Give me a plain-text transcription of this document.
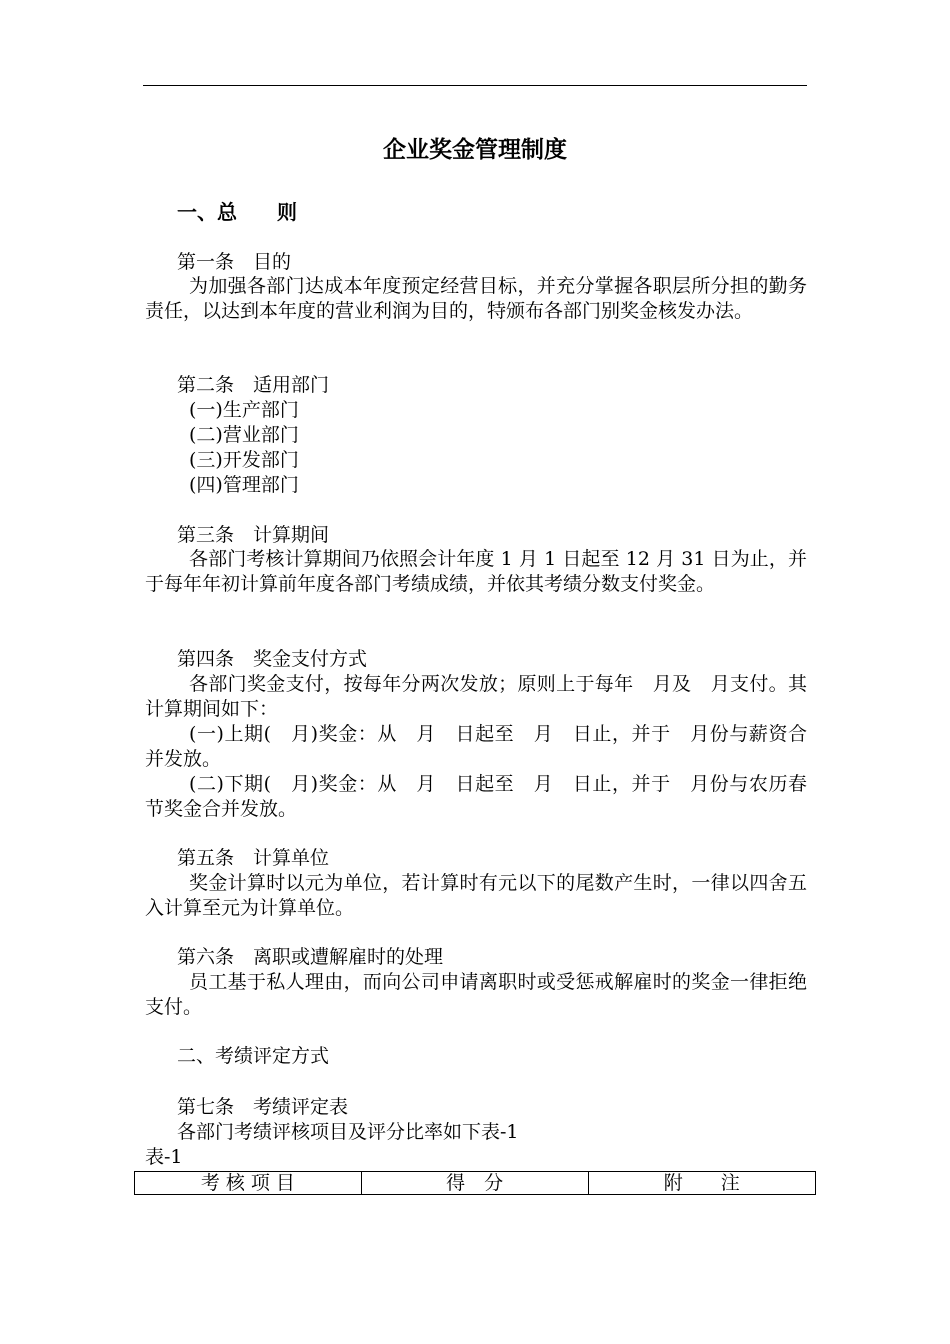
企业奖金管理制度
一、总　　则
第一条　目的
为加强各部门达成本年度预定经营目标，并充分掌握各职层所分担的勤务责任，以达到本年度的营业利润为目的，特颁布各部门别奖金核发办法。
第二条　适用部门
(一)生产部门
(二)营业部门
(三)开发部门
(四)管理部门
第三条　计算期间
各部门考核计算期间乃依照会计年度 1 月 1 日起至 12 月 31 日为止，并于每年年初计算前年度各部门考绩成绩，并依其考绩分数支付奖金。
第四条　奖金支付方式
各部门奖金支付，按每年分两次发放；原则上于每年　月及　月支付。其计算期间如下：
(一)上期(　月)奖金：从　月　日起至　月　日止，并于　月份与薪资合并发放。
(二)下期(　月)奖金：从　月　日起至　月　日止，并于　月份与农历春节奖金合并发放。
第五条　计算单位
奖金计算时以元为单位，若计算时有元以下的尾数产生时，一律以四舍五入计算至元为计算单位。
第六条　离职或遭解雇时的处理
员工基于私人理由，而向公司申请离职时或受惩戒解雇时的奖金一律拒绝支付。
二、考绩评定方式
第七条　考绩评定表
各部门考绩评核项目及评分比率如下表-1
表-1
考 核 项 目	得　分	附　　注
